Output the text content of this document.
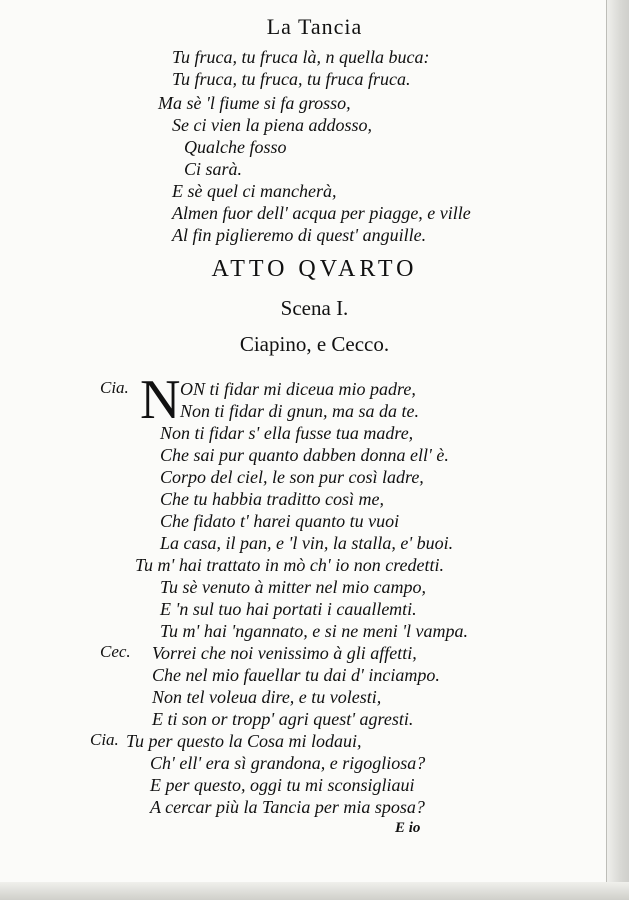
La Tancia
Tu fruca, tu fruca là, n quella buca:
Tu fruca, tu fruca, tu fruca fruca.
Ma sè 'l fiume si fa grosso,
Se ci vien la piena addosso,
Qualche fosso
Ci sarà.
E sè quel ci mancherà,
Almen fuor dell' acqua per piagge, e ville
Al fin piglieremo di quest' anguille.
ATTO QVARTO
Scena I.
Ciapino, e Cecco.
Cia. N ON ti fidar mi diceua mio padre,
Non ti fidar di gnun, ma sa da te.
Non ti fidar s' ella fusse tua madre,
Che sai pur quanto dabben donna ell' è.
Corpo del ciel, le son pur così ladre,
Che tu habbia traditto così me,
Che fidato t' harei quanto tu vuoi
La casa, il pan, e 'l vin, la stalla, e' buoi.
Tu m' hai trattato in mò ch' io non credetti.
Tu sè venuto à mitter nel mio campo,
E 'n sul tuo hai portati i cauallетti.
Tu m' hai 'ngannato, e si ne meni 'l vampa.
Cec. Vorrei che noi venissimo à gli affetti,
Che nel mio fauellar tu dai d' inciampo.
Non tel voleua dire, e tu volesti,
E ti son or tropp' agri quest' agresti.
Cia. Tu per questo la Cosa mi lodaui,
Ch' ell' era sì grandona, e rigogliosa?
E per questo, oggi tu mi sconsigliaui
A cercar più la Tancia per mia sposa?
E io
